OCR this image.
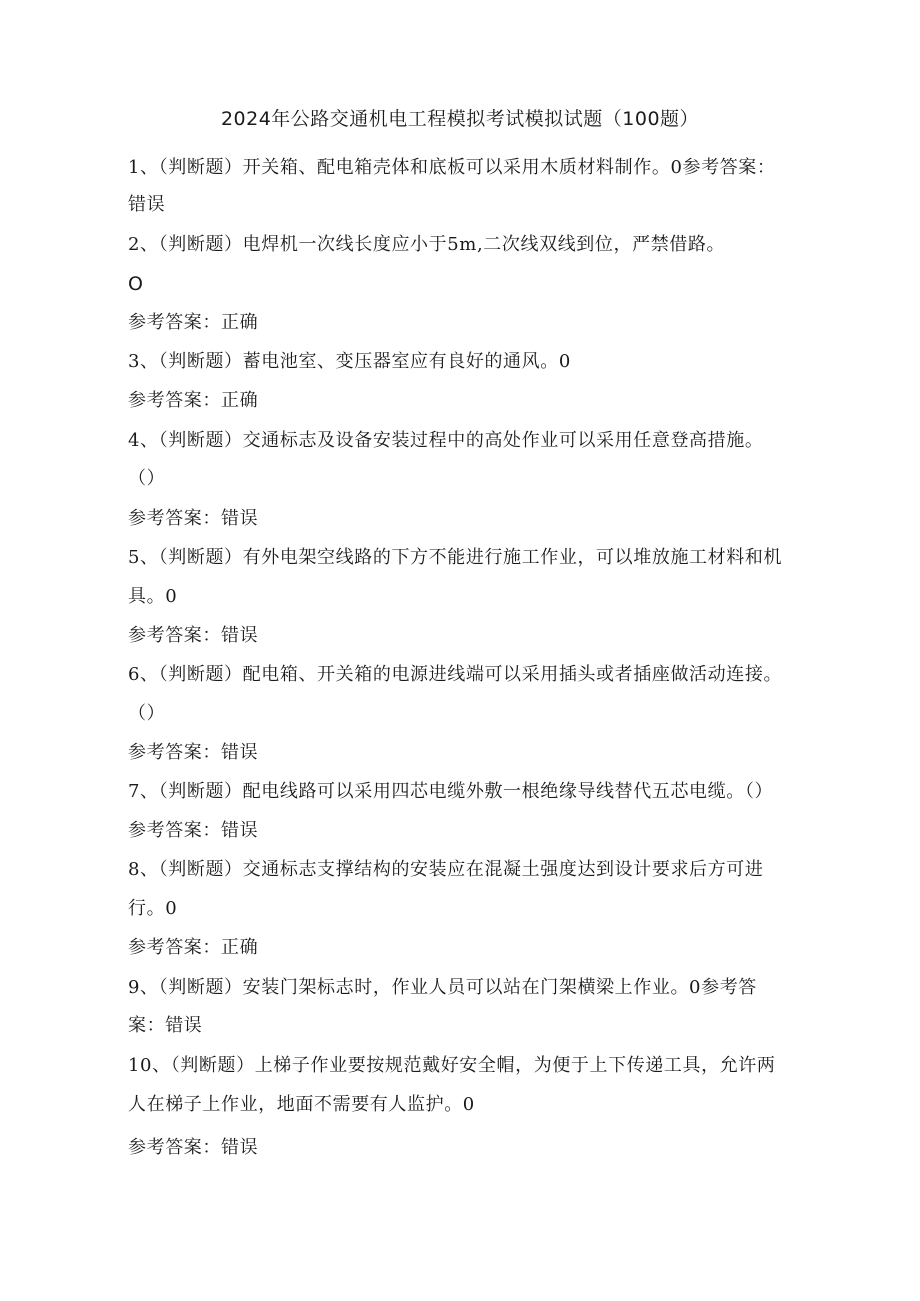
2024年公路交通机电工程模拟考试模拟试题（100题）
1、（判断题）开关箱、配电箱壳体和底板可以采用木质材料制作。0参考答案：
错误
2、（判断题）电焊机一次线长度应小于5m,二次线双线到位，严禁借路。
O
参考答案：正确
3、（判断题）蓄电池室、变压器室应有良好的通风。0
参考答案：正确
4、（判断题）交通标志及设备安装过程中的高处作业可以采用任意登高措施。
（）
参考答案：错误
5、（判断题）有外电架空线路的下方不能进行施工作业，可以堆放施工材料和机
具。0
参考答案：错误
6、（判断题）配电箱、开关箱的电源进线端可以采用插头或者插座做活动连接。
（）
参考答案：错误
7、（判断题）配电线路可以采用四芯电缆外敷一根绝缘导线替代五芯电缆。（）
参考答案：错误
8、（判断题）交通标志支撑结构的安装应在混凝土强度达到设计要求后方可进
行。0
参考答案：正确
9、（判断题）安装门架标志时，作业人员可以站在门架横梁上作业。0参考答
案：错误
10、（判断题）上梯子作业要按规范戴好安全帽，为便于上下传递工具，允许两
人在梯子上作业，地面不需要有人监护。0
参考答案：错误
